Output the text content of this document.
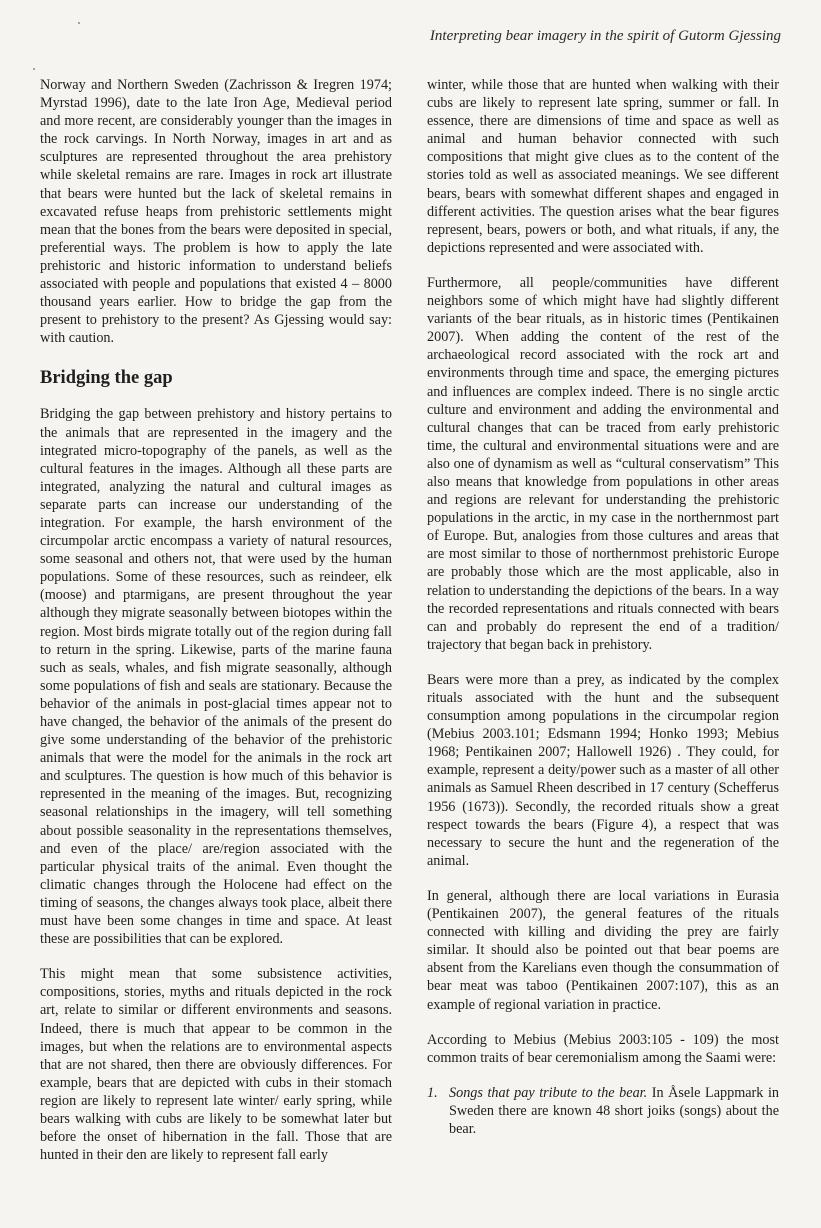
Interpreting bear imagery in the spirit of Gutorm Gjessing

Norway and Northern Sweden (Zachrisson & Iregren 1974; Myrstad 1996), date to the late Iron Age, Medieval period and more recent, are considerably younger than the images in the rock carvings. In North Norway, images in art and as sculptures are represented throughout the area prehistory while skeletal remains are rare. Images in rock art illustrate that bears were hunted but the lack of skeletal remains in excavated refuse heaps from prehistoric settlements might mean that the bones from the bears were deposited in special, preferential ways. The problem is how to apply the late prehistoric and historic information to understand beliefs associated with people and populations that existed 4 – 8000 thousand years earlier. How to bridge the gap from the present to prehistory to the present? As Gjessing would say: with caution.

Bridging the gap

Bridging the gap between prehistory and history pertains to the animals that are represented in the imagery and the integrated micro-topography of the panels, as well as the cultural features in the images. Although all these parts are integrated, analyzing the natural and cultural images as separate parts can increase our understanding of the integration. For example, the harsh environment of the circumpolar arctic encompass a variety of natural resources, some seasonal and others not, that were used by the human populations. Some of these resources, such as reindeer, elk (moose) and ptarmigans, are present throughout the year although they migrate seasonally between biotopes within the region. Most birds migrate totally out of the region during fall to return in the spring. Likewise, parts of the marine fauna such as seals, whales, and fish migrate seasonally, although some populations of fish and seals are stationary. Because the behavior of the animals in post-glacial times appear not to have changed, the behavior of the animals of the present do give some understanding of the behavior of the prehistoric animals that were the model for the animals in the rock art and sculptures. The question is how much of this behavior is represented in the meaning of the images. But, recognizing seasonal relationships in the imagery, will tell something about possible seasonality in the representations themselves, and even of the place/ are/region associated with the particular physical traits of the animal. Even thought the climatic changes through the Holocene had effect on the timing of seasons, the changes always took place, albeit there must have been some changes in time and space. At least these are possibilities that can be explored.

This might mean that some subsistence activities, compositions, stories, myths and rituals depicted in the rock art, relate to similar or different environments and seasons. Indeed, there is much that appear to be common in the images, but when the relations are to environmental aspects that are not shared, then there are obviously differences. For example, bears that are depicted with cubs in their stomach region are likely to represent late winter/ early spring, while bears walking with cubs are likely to be somewhat later but before the onset of hibernation in the fall. Those that are hunted in their den are likely to represent fall early

winter, while those that are hunted when walking with their cubs are likely to represent late spring, summer or fall. In essence, there are dimensions of time and space as well as animal and human behavior connected with such compositions that might give clues as to the content of the stories told as well as associated meanings. We see different bears, bears with somewhat different shapes and engaged in different activities. The question arises what the bear figures represent, bears, powers or both, and what rituals, if any, the depictions represented and were associated with.

Furthermore, all people/communities have different neighbors some of which might have had slightly different variants of the bear rituals, as in historic times (Pentikainen 2007). When adding the content of the rest of the archaeological record associated with the rock art and environments through time and space, the emerging pictures and influences are complex indeed. There is no single arctic culture and environment and adding the environmental and cultural changes that can be traced from early prehistoric time, the cultural and environmental situations were and are also one of dynamism as well as “cultural conservatism” This also means that knowledge from populations in other areas and regions are relevant for understanding the prehistoric populations in the arctic, in my case in the northernmost part of Europe. But, analogies from those cultures and areas that are most similar to those of northernmost prehistoric Europe are probably those which are the most applicable, also in relation to understanding the depictions of the bears. In a way the recorded representations and rituals connected with bears can and probably do represent the end of a tradition/ trajectory that began back in prehistory.

Bears were more than a prey, as indicated by the complex rituals associated with the hunt and the subsequent consumption among populations in the circumpolar region (Mebius 2003.101; Edsmann 1994; Honko 1993; Mebius 1968; Pentikainen 2007; Hallowell 1926) . They could, for example, represent a deity/power such as a master of all other animals as Samuel Rheen described in 17 century (Schefferus 1956 (1673)). Secondly, the recorded rituals show a great respect towards the bears (Figure 4), a respect that was necessary to secure the hunt and the regeneration of the animal.

In general, although there are local variations in Eurasia (Pentikainen 2007), the general features of the rituals connected with killing and dividing the prey are fairly similar. It should also be pointed out that bear poems are absent from the Karelians even though the consummation of bear meat was taboo (Pentikainen 2007:107), this as an example of regional variation in practice.

According to Mebius (Mebius 2003:105 - 109) the most common traits of bear ceremonialism among the Saami were:

1. Songs that pay tribute to the bear. In Åsele Lappmark in Sweden there are known 48 short joiks (songs) about the bear.
